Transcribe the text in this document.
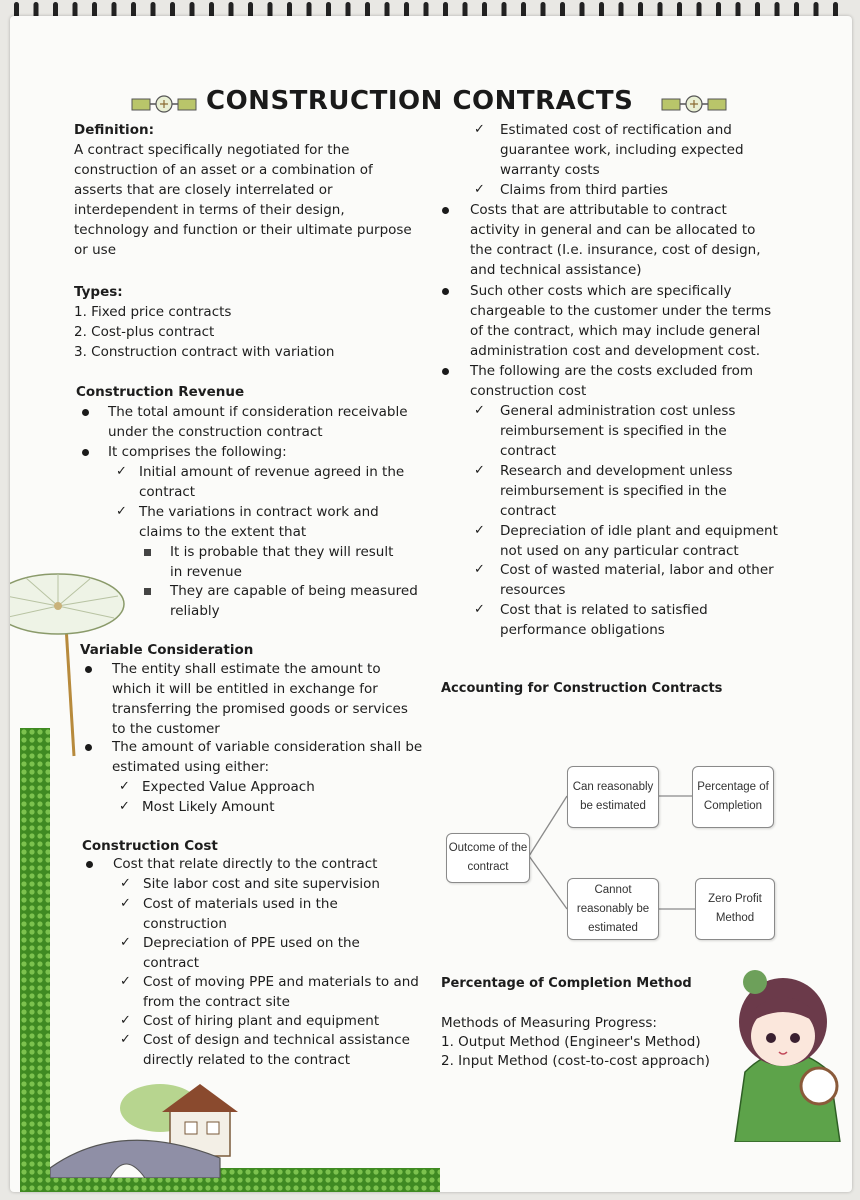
CONSTRUCTION CONTRACTS
Definition:
A contract specifically negotiated for the
construction of an asset or a combination of
asserts that are closely interrelated or
interdependent in terms of their design,
technology and function or their ultimate purpose
or use
Types:
1. Fixed price contracts
2. Cost-plus contract
3. Construction contract with variation
Construction Revenue
The total amount if consideration receivable
under the construction contract
It comprises the following:
✓ Initial amount of revenue agreed in the
contract
✓ The variations in contract work and
claims to the extent that
It is probable that they will result
in revenue
They are capable of being measured
reliably
Variable Consideration
The entity shall estimate the amount to
which it will be entitled in exchange for
transferring the promised goods or services
to the customer
The amount of variable consideration shall be
estimated using either:
✓ Expected Value Approach
✓ Most Likely Amount
Construction Cost
Cost that relate directly to the contract
✓ Site labor cost and site supervision
✓ Cost of materials used in the
construction
✓ Depreciation of PPE used on the
contract
✓ Cost of moving PPE and materials to and
from the contract site
✓ Cost of hiring plant and equipment
✓ Cost of design and technical assistance
directly related to the contract
✓ Estimated cost of rectification and
guarantee work, including expected
warranty costs
✓ Claims from third parties
Costs that are attributable to contract
activity in general and can be allocated to
the contract (I.e. insurance, cost of design,
and technical assistance)
Such other costs which are specifically
chargeable to the customer under the terms
of the contract, which may include general
administration cost and development cost.
The following are the costs excluded from
construction cost
✓ General administration cost unless
reimbursement is specified in the
contract
✓ Research and development unless
reimbursement is specified in the
contract
✓ Depreciation of idle plant and equipment
not used on any particular contract
✓ Cost of wasted material, labor and other
resources
✓ Cost that is related to satisfied
performance obligations
Accounting for Construction Contracts
Outcome of the contract
Can reasonably be estimated
Percentage of Completion
Cannot reasonably be estimated
Zero Profit Method
Percentage of Completion Method
Methods of Measuring Progress:
1. Output Method (Engineer's Method)
2. Input Method (cost-to-cost approach)
